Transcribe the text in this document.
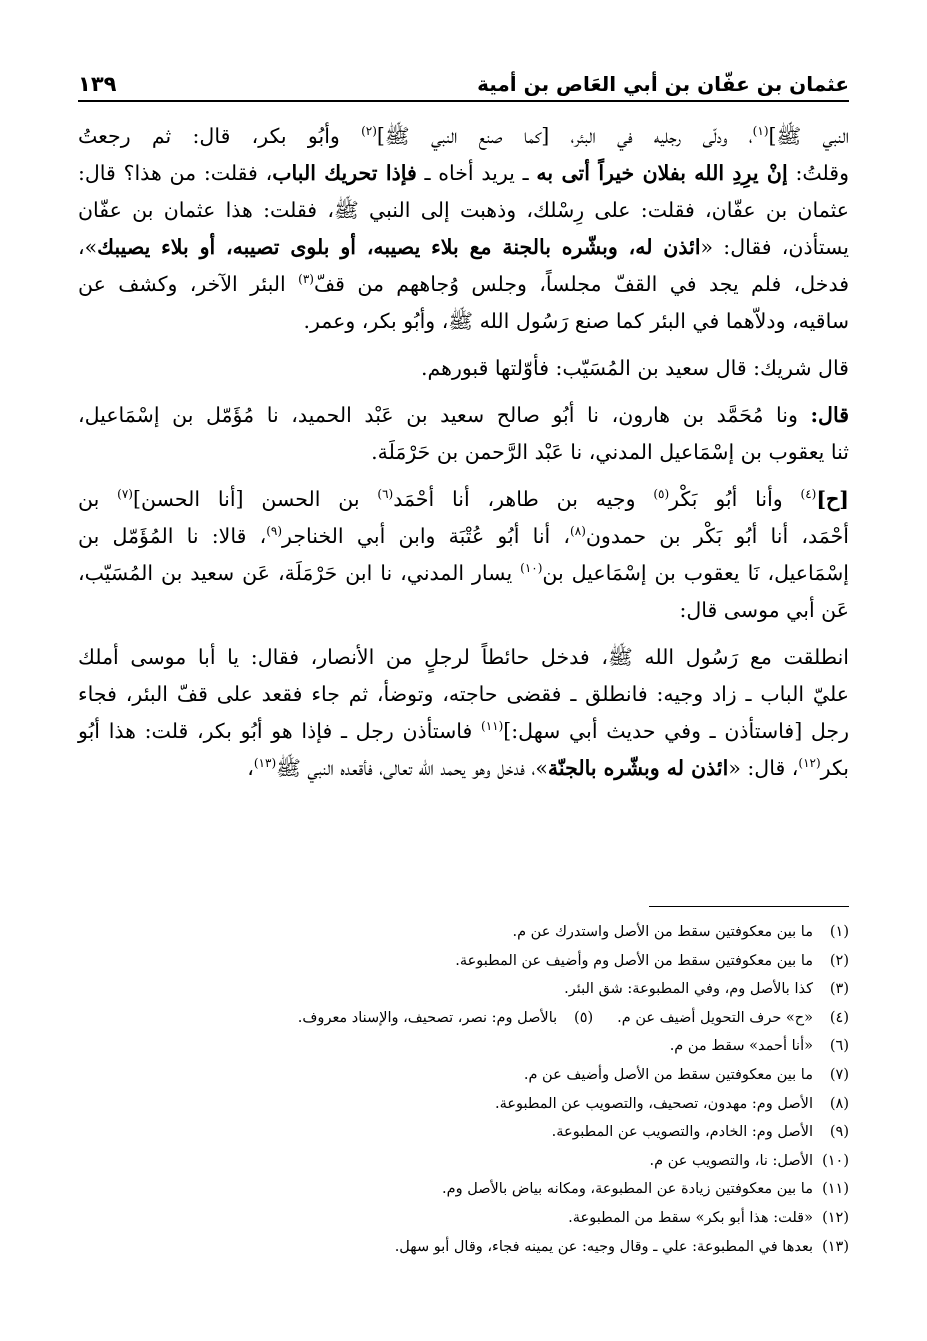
عثمان بن عفّان بن أبي العَاص بن أمية
١٣٩

النبي ﷺ]$^{(١)}$، ودلّى رجليه في البئر، [كما صنع النبي ﷺ]$^{(٢)}$ وأبُو بكر، قال: ثم رجعتُ

وقلتُ: إنْ يرِدِ الله بفلان خيراً أتى به ـ يريد أخاه ـ فإذا تحريك الباب، فقلت: من هذا؟ قال:

عثمان بن عفّان، فقلت: على رِسْلك، وذهبت إلى النبي ﷺ، فقلت: هذا عثمان بن عفّان

يستأذن، فقال: «ائذن له، وبشّره بالجنة مع بلاء يصيبه، أو بلوى تصيبه، أو بلاء يصيبك»،

فدخل، فلم يجد في القفّ مجلساً، وجلس وُجاههم من قفّ$^{(٣)}$ البئر الآخر، وكشف عن

ساقيه، ودلاّهما في البئر كما صنع رَسُول الله ﷺ، وأبُو بكر، وعمر.

قال شريك: قال سعيد بن المُسَيّب: فأوّلتها قبورهم.

قال: ونا مُحَمَّد بن هارون، نا أبُو صالح سعيد بن عَبْد الحميد، نا مُؤَمّل بن إسْمَاعيل،

ثنا يعقوب بن إسْمَاعيل المدني، نا عَبْد الرَّحمن بن حَرْمَلَة.

[ح]$^{(٤)}$ وأنا أبُو بَكْر$^{(٥)}$ وجيه بن طاهر، أنا أحْمَد$^{(٦)}$ بن الحسن [أنا الحسن]$^{(٧)}$ بن

أحْمَد، أنا أبُو بَكْر بن حمدون$^{(٨)}$، أنا أبُو عُتْبَة وابن أبي الخناجر$^{(٩)}$، قالا: نا المُؤَمّل بن

إسْمَاعيل، نَا يعقوب بن إسْمَاعيل بن$^{(١٠)}$ يسار المدني، نا ابن حَرْمَلَة، عَن سعيد بن المُسَيّب،

عَن أبي موسى قال:

انطلقت مع رَسُول الله ﷺ، فدخل حائطاً لرجلٍ من الأنصار، فقال: يا أبا موسى أملك

عليّ الباب ـ زاد وجيه: فانطلق ـ فقضى حاجته، وتوضأ، ثم جاء فقعد على قفّ البئر، فجاء

رجل [فاستأذن ـ وفي حديث أبي سهل:]$^{(١١)}$ فاستأذن رجل ـ فإذا هو أبُو بكر، قلت: هذا أبُو

بكر$^{(١٢)}$، قال: «ائذن له وبشّره بالجنّة»، فدخل وهو يحمد الله تعالى، فأقعده النبي ﷺ$^{(١٣)}$،

(١)
ما بين معكوفتين سقط من الأصل واستدرك عن م.
(٢)
ما بين معكوفتين سقط من الأصل وم وأضيف عن المطبوعة.
(٣)
كذا بالأصل وم، وفي المطبوعة: شق البئر.
(٤)
«ح» حرف التحويل أضيف عن م.
(٥)
بالأصل وم: نصر، تصحيف، والإسناد معروف.
(٦)
«أنا أحمد» سقط من م.
(٧)
ما بين معكوفتين سقط من الأصل وأضيف عن م.
(٨)
الأصل وم: مهدون، تصحيف، والتصويب عن المطبوعة.
(٩)
الأصل وم: الخادم، والتصويب عن المطبوعة.
(١٠)
الأصل: نا، والتصويب عن م.
(١١)
ما بين معكوفتين زيادة عن المطبوعة، ومكانه بياض بالأصل وم.
(١٢)
«قلت: هذا أبو بكر» سقط من المطبوعة.
(١٣)
بعدها في المطبوعة: علي ـ وقال وجيه: عن يمينه فجاء، وقال أبو سهل.
